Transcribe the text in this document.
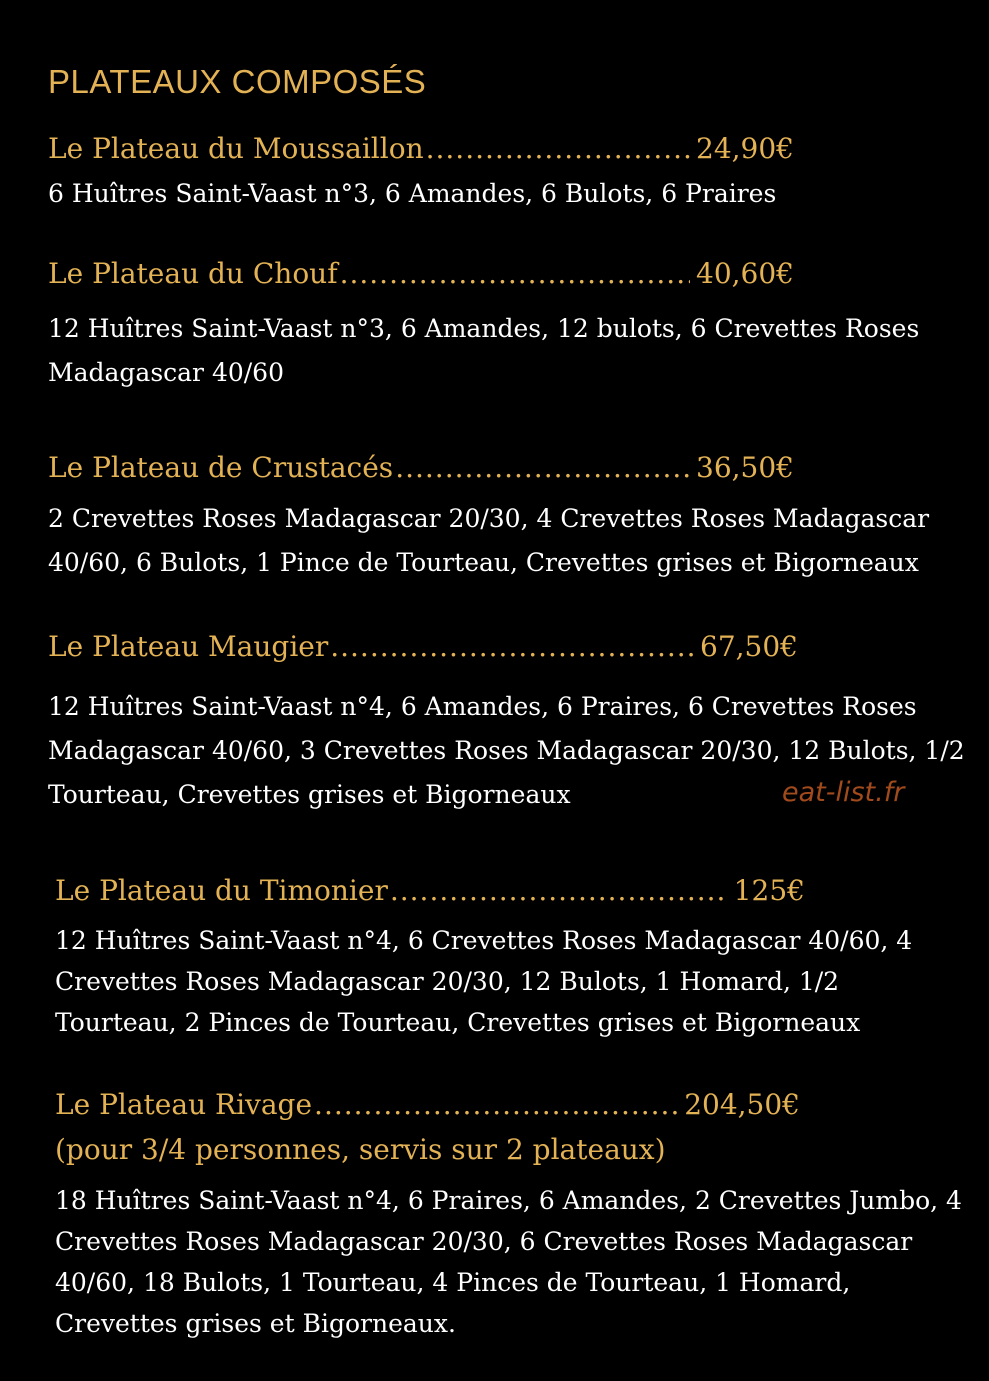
PLATEAUX COMPOSÉS
Le Plateau du Moussaillon .....	24,90€
6 Huîtres Saint-Vaast n°3, 6 Amandes, 6 Bulots, 6 Praires
Le Plateau du Chouf .....	40,60€
12 Huîtres Saint-Vaast n°3, 6 Amandes, 12 bulots, 6 Crevettes Roses Madagascar 40/60
Le Plateau de Crustacés .....	36,50€
2 Crevettes Roses Madagascar 20/30, 4 Crevettes Roses Madagascar 40/60, 6 Bulots, 1 Pince de Tourteau, Crevettes grises et Bigorneaux
Le Plateau Maugier .....	67,50€
12 Huîtres Saint-Vaast n°4, 6 Amandes, 6 Praires, 6 Crevettes Roses Madagascar 40/60, 3 Crevettes Roses Madagascar 20/30, 12 Bulots, 1/2 Tourteau, Crevettes grises et Bigorneaux
Le Plateau du Timonier .....	125€
12 Huîtres Saint-Vaast n°4, 6 Crevettes Roses Madagascar 40/60, 4 Crevettes Roses Madagascar 20/30, 12 Bulots, 1 Homard, 1/2 Tourteau, 2 Pinces de Tourteau, Crevettes grises et Bigorneaux
Le Plateau Rivage .....	204,50€
(pour 3/4 personnes, servis sur 2 plateaux)
18 Huîtres Saint-Vaast n°4, 6 Praires, 6 Amandes, 2 Crevettes Jumbo, 4 Crevettes Roses Madagascar 20/30, 6 Crevettes Roses Madagascar 40/60, 18 Bulots, 1 Tourteau, 4 Pinces de Tourteau, 1 Homard, Crevettes grises et Bigorneaux.
eat-list.fr
